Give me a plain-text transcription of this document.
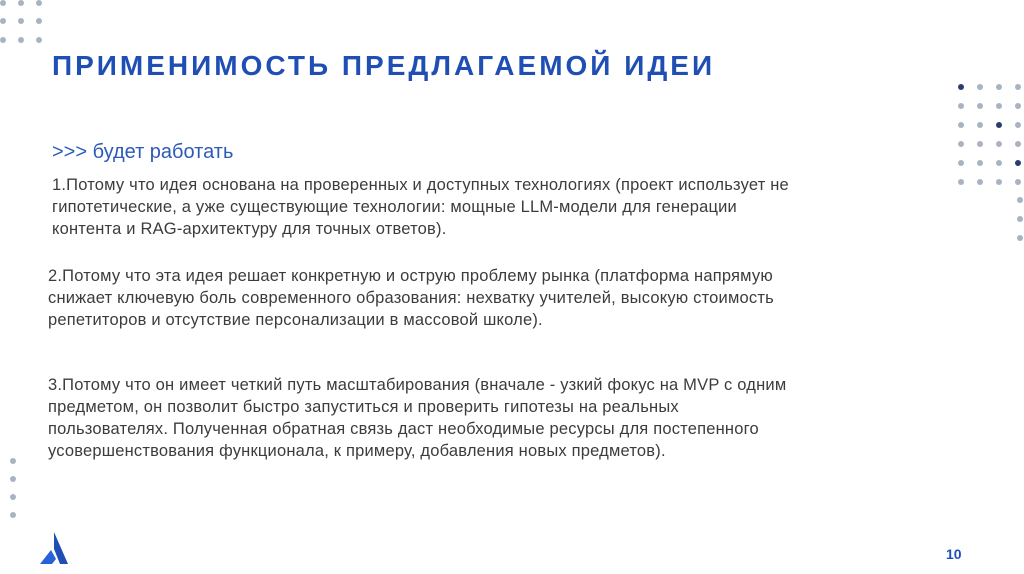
ПРИМЕНИМОСТЬ ПРЕДЛАГАЕМОЙ ИДЕИ
>>> будет работать
1.Потому что идея основана на проверенных и доступных технологиях (проект использует не
гипотетические, а уже существующие технологии: мощные LLM-модели для генерации
контента и RAG-архитектуру для точных ответов).
2.Потому что эта идея решает конкретную и острую проблему рынка (платформа напрямую
снижает ключевую боль современного образования: нехватку учителей, высокую стоимость
репетиторов и отсутствие персонализации в массовой школе).
3.Потому что он имеет четкий путь масштабирования (вначале - узкий фокус на MVP с одним
предметом, он позволит быстро запуститься и проверить гипотезы на реальных
пользователях. Полученная обратная связь даст необходимые ресурсы для постепенного
усовершенствования функционала, к примеру, добавления новых предметов).
10
